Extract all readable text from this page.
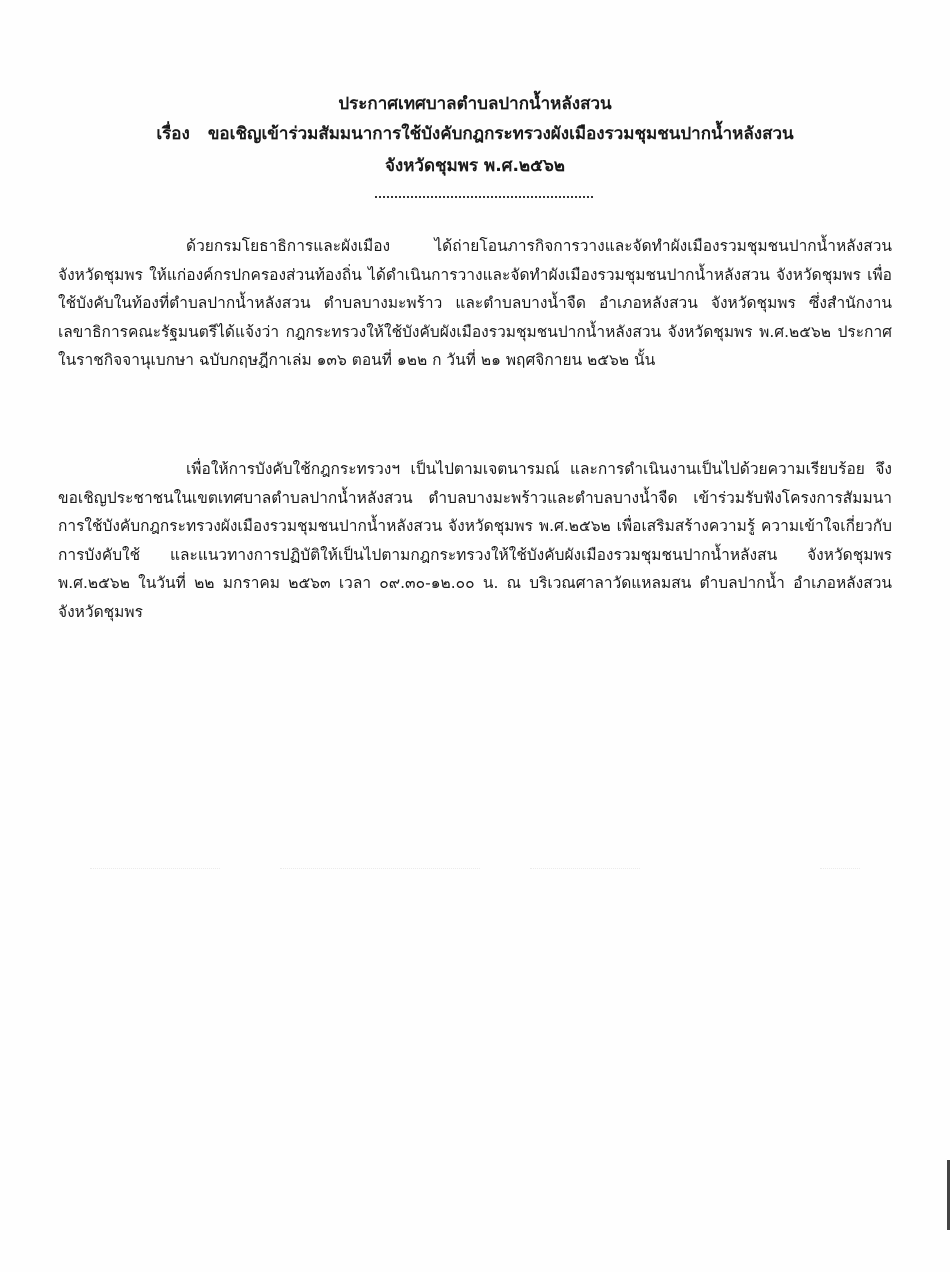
ประกาศเทศบาลตำบลปากน้ำหลังสวน
เรื่อง ขอเชิญเข้าร่วมสัมมนาการใช้บังคับกฎกระทรวงผังเมืองรวมชุมชนปากน้ำหลังสวน
จังหวัดชุมพร พ.ศ.๒๕๖๒

ด้วยกรมโยธาธิการและผังเมือง ได้ถ่ายโอนภารกิจการวางและจัดทำผังเมืองรวมชุมชนปากน้ำหลังสวน จังหวัดชุมพร ให้แก่องค์กรปกครองส่วนท้องถิ่น ได้ดำเนินการวางและจัดทำผังเมืองรวมชุมชนปากน้ำหลังสวน จังหวัดชุมพร เพื่อใช้บังคับในท้องที่ตำบลปากน้ำหลังสวน ตำบลบางมะพร้าว และตำบลบางน้ำจืด อำเภอหลังสวน จังหวัดชุมพร ซึ่งสำนักงานเลขาธิการคณะรัฐมนตรีได้แจ้งว่า กฎกระทรวงให้ใช้บังคับผังเมืองรวมชุมชนปากน้ำหลังสวน จังหวัดชุมพร พ.ศ.๒๕๖๒ ประกาศในราชกิจจานุเบกษา ฉบับกฤษฎีกาเล่ม ๑๓๖ ตอนที่ ๑๒๒ ก วันที่ ๒๑ พฤศจิกายน ๒๕๖๒ นั้น

เพื่อให้การบังคับใช้กฎกระทรวงฯ เป็นไปตามเจตนารมณ์ และการดำเนินงานเป็นไปด้วยความเรียบร้อย จึงขอเชิญประชาชนในเขตเทศบาลตำบลปากน้ำหลังสวน ตำบลบางมะพร้าวและตำบลบางน้ำจืด เข้าร่วมรับฟังโครงการสัมมนาการใช้บังคับกฎกระทรวงผังเมืองรวมชุมชนปากน้ำหลังสวน จังหวัดชุมพร พ.ศ.๒๕๖๒ เพื่อเสริมสร้างความรู้ ความเข้าใจเกี่ยวกับการบังคับใช้ และแนวทางการปฏิบัติให้เป็นไปตามกฎกระทรวงให้ใช้บังคับผังเมืองรวมชุมชนปากน้ำหลังสน จังหวัดชุมพร พ.ศ.๒๕๖๒ ในวันที่ ๒๒ มกราคม ๒๕๖๓ เวลา ๐๙.๓๐-๑๒.๐๐ น. ณ บริเวณศาลาวัดแหลมสน ตำบลปากน้ำ อำเภอหลังสวน จังหวัดชุมพร
